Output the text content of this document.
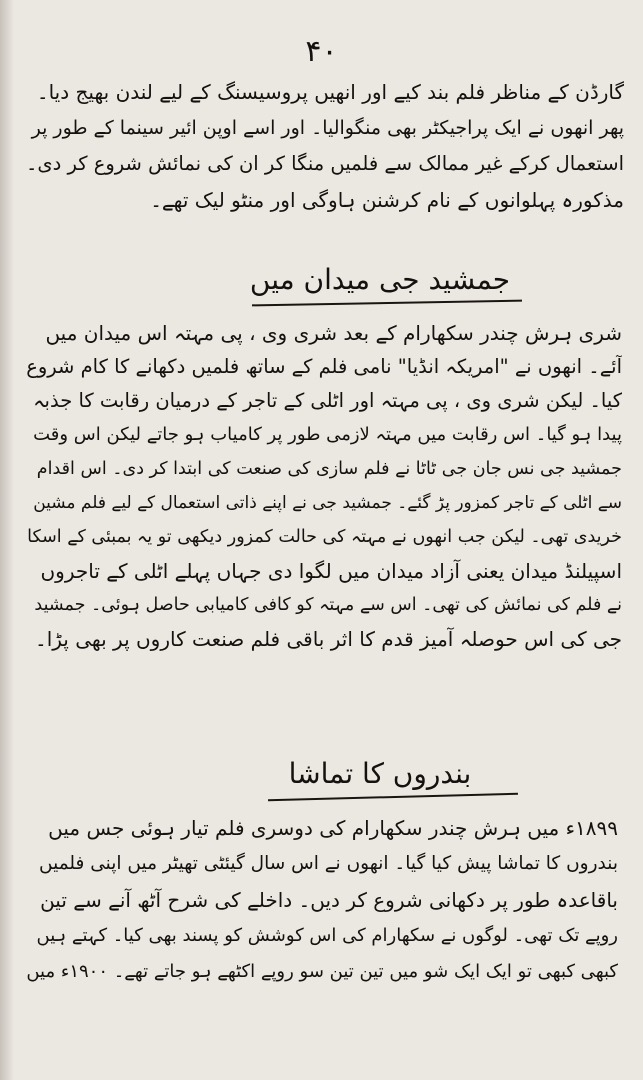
۴۰
گارڈن کے مناظر فلم بند کیے اور انھیں پروسیسنگ کے لیے لندن بھیج دیا۔
پھر انھوں نے ایک پراجیکٹر بھی منگوالیا۔ اور اسے اوپن ائیر سینما کے طور پر
استعمال کرکے غیر ممالک سے فلمیں منگا کر ان کی نمائش شروع کر دی۔
مذکورہ پہلوانوں کے نام کرشنن ہاوگی اور منٹو لیک تھے۔
جمشید جی میدان میں
شری ہرش چندر سکھارام کے بعد شری وی ، پی مہتہ اس میدان میں
آئے۔ انھوں نے "امریکہ انڈیا" نامی فلم کے ساتھ فلمیں دکھانے کا کام شروع
کیا۔ لیکن شری وی ، پی مہتہ اور اٹلی کے تاجر کے درمیان رقابت کا جذبہ
پیدا ہو گیا۔ اس رقابت میں مہتہ لازمی طور پر کامیاب ہو جاتے لیکن اس وقت
جمشید جی نس جان جی ٹاٹا نے فلم سازی کی صنعت کی ابتدا کر دی۔ اس اقدام
سے اٹلی کے تاجر کمزور پڑ گئے۔ جمشید جی نے اپنے ذاتی استعمال کے لیے فلم مشین
خریدی تھی۔ لیکن جب انھوں نے مہتہ کی حالت کمزور دیکھی تو یہ بمبئی کے اسکا
اسپیلنڈ میدان یعنی آزاد میدان میں لگوا دی جہاں پہلے اٹلی کے تاجروں
نے فلم کی نمائش کی تھی۔ اس سے مہتہ کو کافی کامیابی حاصل ہوئی۔ جمشید
جی کی اس حوصلہ آمیز قدم کا اثر باقی فلم صنعت کاروں پر بھی پڑا۔
بندروں کا تماشا
۱۸۹۹ء میں ہرش چندر سکھارام کی دوسری فلم تیار ہوئی جس میں
بندروں کا تماشا پیش کیا گیا۔ انھوں نے اس سال گیئٹی تھیٹر میں اپنی فلمیں
باقاعدہ طور پر دکھانی شروع کر دیں۔ داخلے کی شرح آٹھ آنے سے تین
روپے تک تھی۔ لوگوں نے سکھارام کی اس کوشش کو پسند بھی کیا۔ کہتے ہیں
کبھی کبھی تو ایک ایک شو میں تین تین سو روپے اکٹھے ہو جاتے تھے۔ ۱۹۰۰ء میں
